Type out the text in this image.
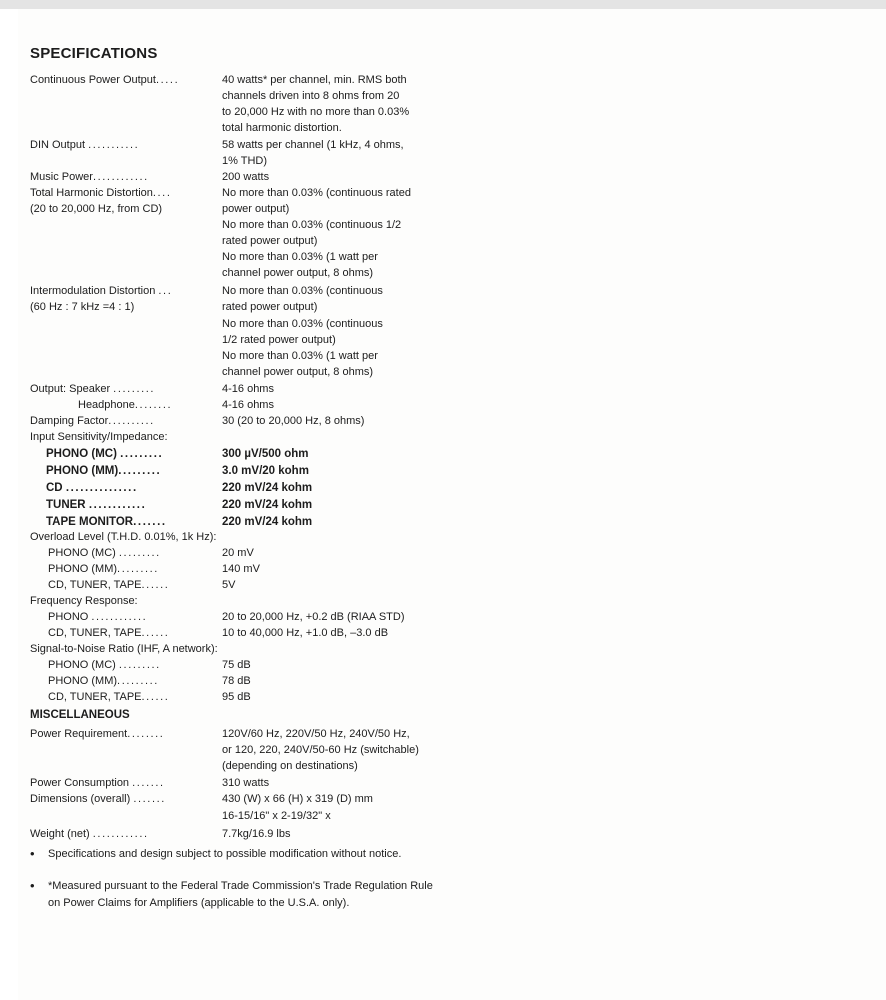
SPECIFICATIONS
Continuous Power Output.....	40 watts* per channel, min. RMS both
channels driven into 8 ohms from 20
to 20,000 Hz with no more than 0.03%
total harmonic distortion.
DIN Output ...........	58 watts per channel (1 kHz, 4 ohms,
1% THD)
Music Power............	200 watts
Total Harmonic Distortion....	No more than 0.03% (continuous rated
(20 to 20,000 Hz, from CD)	power output)
No more than 0.03% (continuous 1/2
rated power output)
No more than 0.03% (1 watt per
channel power output, 8 ohms)
Intermodulation Distortion ...	No more than 0.03% (continuous
(60 Hz : 7 kHz =4 : 1)	rated power output)
No more than 0.03% (continuous
1/2 rated power output)
No more than 0.03% (1 watt per
channel power output, 8 ohms)
Output: Speaker .........	4-16 ohms
Headphone........	4-16 ohms
Damping Factor..........	30 (20 to 20,000 Hz, 8 ohms)
Input Sensitivity/Impedance:
PHONO (MC) .........	300 µV/500 ohm
PHONO (MM).........	3.0 mV/20 kohm
CD ...............	220 mV/24 kohm
TUNER ............	220 mV/24 kohm
TAPE MONITOR.......	220 mV/24 kohm
Overload Level (T.H.D. 0.01%, 1k Hz):
PHONO (MC) .........	20 mV
PHONO (MM).........	140 mV
CD, TUNER, TAPE......	5V
Frequency Response:
PHONO ............	20 to 20,000 Hz, +0.2 dB (RIAA STD)
CD, TUNER, TAPE......	10 to 40,000 Hz, +1.0 dB, –3.0 dB
Signal-to-Noise Ratio (IHF, A network):
PHONO (MC) .........	75 dB
PHONO (MM).........	78 dB
CD, TUNER, TAPE......	95 dB
MISCELLANEOUS
Power Requirement........	120V/60 Hz, 220V/50 Hz, 240V/50 Hz,
or 120, 220, 240V/50-60 Hz (switchable)
(depending on destinations)
Power Consumption .......	310 watts
Dimensions (overall) .......	430 (W) x 66 (H) x 319 (D) mm
16-15/16" x 2-19/32" x
Weight (net) ............	7.7kg/16.9 lbs
• Specifications and design subject to possible modification without notice.
• *Measured pursuant to the Federal Trade Commission's Trade Regulation Rule on Power Claims for Amplifiers (applicable to the U.S.A. only).
